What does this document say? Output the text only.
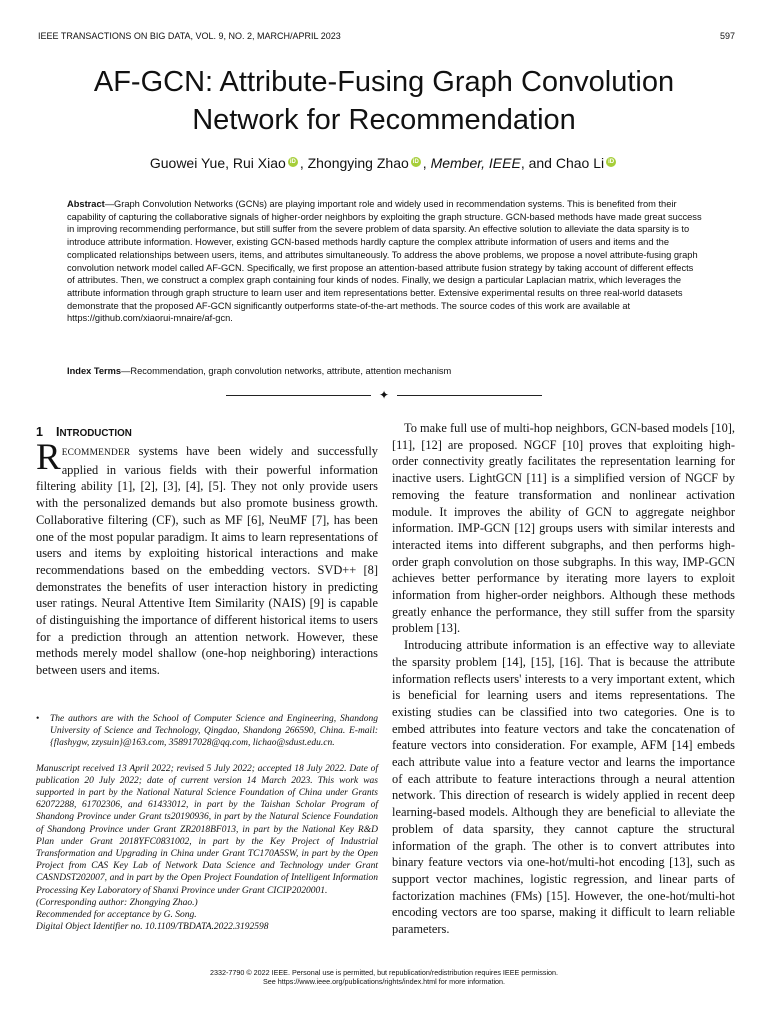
IEEE TRANSACTIONS ON BIG DATA, VOL. 9, NO. 2, MARCH/APRIL 2023	597
AF-GCN: Attribute-Fusing Graph Convolution
Network for Recommendation
Guowei Yue, Rui Xiao iD , Zhongying Zhao iD , Member, IEEE, and Chao Li iD
Abstract—Graph Convolution Networks (GCNs) are playing important role and widely used in recommendation systems. This is benefited from their capability of capturing the collaborative signals of higher-order neighbors by exploiting the graph structure. GCN-based methods have made great success in improving recommending performance, but still suffer from the severe problem of data sparsity. An effective solution to alleviate the data sparsity is to introduce attribute information. However, existing GCN-based methods hardly capture the complex attribute information of users and items and the complicated relationships between users, items, and attributes simultaneously. To address the above problems, we propose a novel attribute-fusing graph convolution network model called AF-GCN. Specifically, we first propose an attention-based attribute fusion strategy by taking account of different effects of attributes. Then, we construct a complex graph containing four kinds of nodes. Finally, we design a particular Laplacian matrix, which leverages the attribute information through graph structure to learn user and item representations better. Extensive experimental results on three real-world datasets demonstrate that the proposed AF-GCN significantly outperforms state-of-the-art methods. The source codes of this work are available at https://github.com/xiaorui-mnaire/af-gcn.
Index Terms—Recommendation, graph convolution networks, attribute, attention mechanism
✦
1 INTRODUCTION
RECOMMENDER systems have been widely and successfully applied in various fields with their powerful information filtering ability [1], [2], [3], [4], [5]. They not only provide users with the personalized demands but also promote business growth. Collaborative filtering (CF), such as MF [6], NeuMF [7], has been one of the most popular paradigm. It aims to learn representations of users and items by exploiting historical interactions and make recommendations based on the embedding vectors. SVD++ [8] demonstrates the benefits of user interaction history in predicting user ratings. Neural Attentive Item Similarity (NAIS) [9] is capable of distinguishing the importance of different historical items to users for a prediction through an attention network. However, these methods merely model shallow (one-hop neighboring) interactions between users and items.
•	The authors are with the School of Computer Science and Engineering, Shandong University of Science and Technology, Qingdao, Shandong 266590, China. E-mail: {flashygw, zzysuin}@163.com, 358917028@qq.com, lichao@sdust.edu.cn.
Manuscript received 13 April 2022; revised 5 July 2022; accepted 18 July 2022. Date of publication 20 July 2022; date of current version 14 March 2023. This work was supported in part by the National Natural Science Foundation of China under Grants 62072288, 61702306, and 61433012, in part by the Taishan Scholar Program of Shandong Province under Grant ts20190936, in part by the Natural Science Foundation of Shandong Province under Grant ZR2018BF013, in part by the National Key R&D Plan under Grant 2018YFC0831002, in part by the Key Project of Industrial Transformation and Upgrading in China under Grant TC170A5SW, in part by the Open Project from CAS Key Lab of Network Data Science and Technology under Grant CASNDST202007, and in part by the Open Project Foundation of Intelligent Information Processing Key Laboratory of Shanxi Province under Grant CICIP2020001.
(Corresponding author: Zhongying Zhao.)
Recommended for acceptance by G. Song.
Digital Object Identifier no. 10.1109/TBDATA.2022.3192598

To make full use of multi-hop neighbors, GCN-based models [10], [11], [12] are proposed. NGCF [10] proves that exploiting high-order connectivity greatly facilitates the representation learning for inactive users. LightGCN [11] is a simplified version of NGCF by removing the feature transformation and nonlinear activation module. It improves the ability of GCN to aggregate neighbor information. IMP-GCN [12] groups users with similar interests and interacted items into different subgraphs, and then performs high-order graph convolution on those subgraphs. In this way, IMP-GCN achieves better performance by iterating more layers to exploit information from higher-order neighbors. Although these methods greatly enhance the performance, they still suffer from the sparsity problem [13].

Introducing attribute information is an effective way to alleviate the sparsity problem [14], [15], [16]. That is because the attribute information reflects users' interests to a very important extent, which is beneficial for learning users and items representations. The existing studies can be classified into two categories. One is to embed attributes into feature vectors and take the concatenation of feature vectors into consideration. For example, AFM [14] embeds each attribute value into a feature vector and learns the importance of each attribute to feature interactions through a neural attention network. This direction of research is widely applied in recent deep learning-based models. Although they are beneficial to alleviate the problem of data sparsity, they cannot capture the structural information of the graph. The other is to convert attributes into binary feature vectors via one-hot/multi-hot encoding [13], such as support vector machines, logistic regression, and linear parts of factorization machines (FMs) [15]. However, the one-hot/multi-hot encoding vectors are too sparse, making it difficult to learn reliable parameters.

2332-7790 © 2022 IEEE. Personal use is permitted, but republication/redistribution requires IEEE permission.
See https://www.ieee.org/publications/rights/index.html for more information.
